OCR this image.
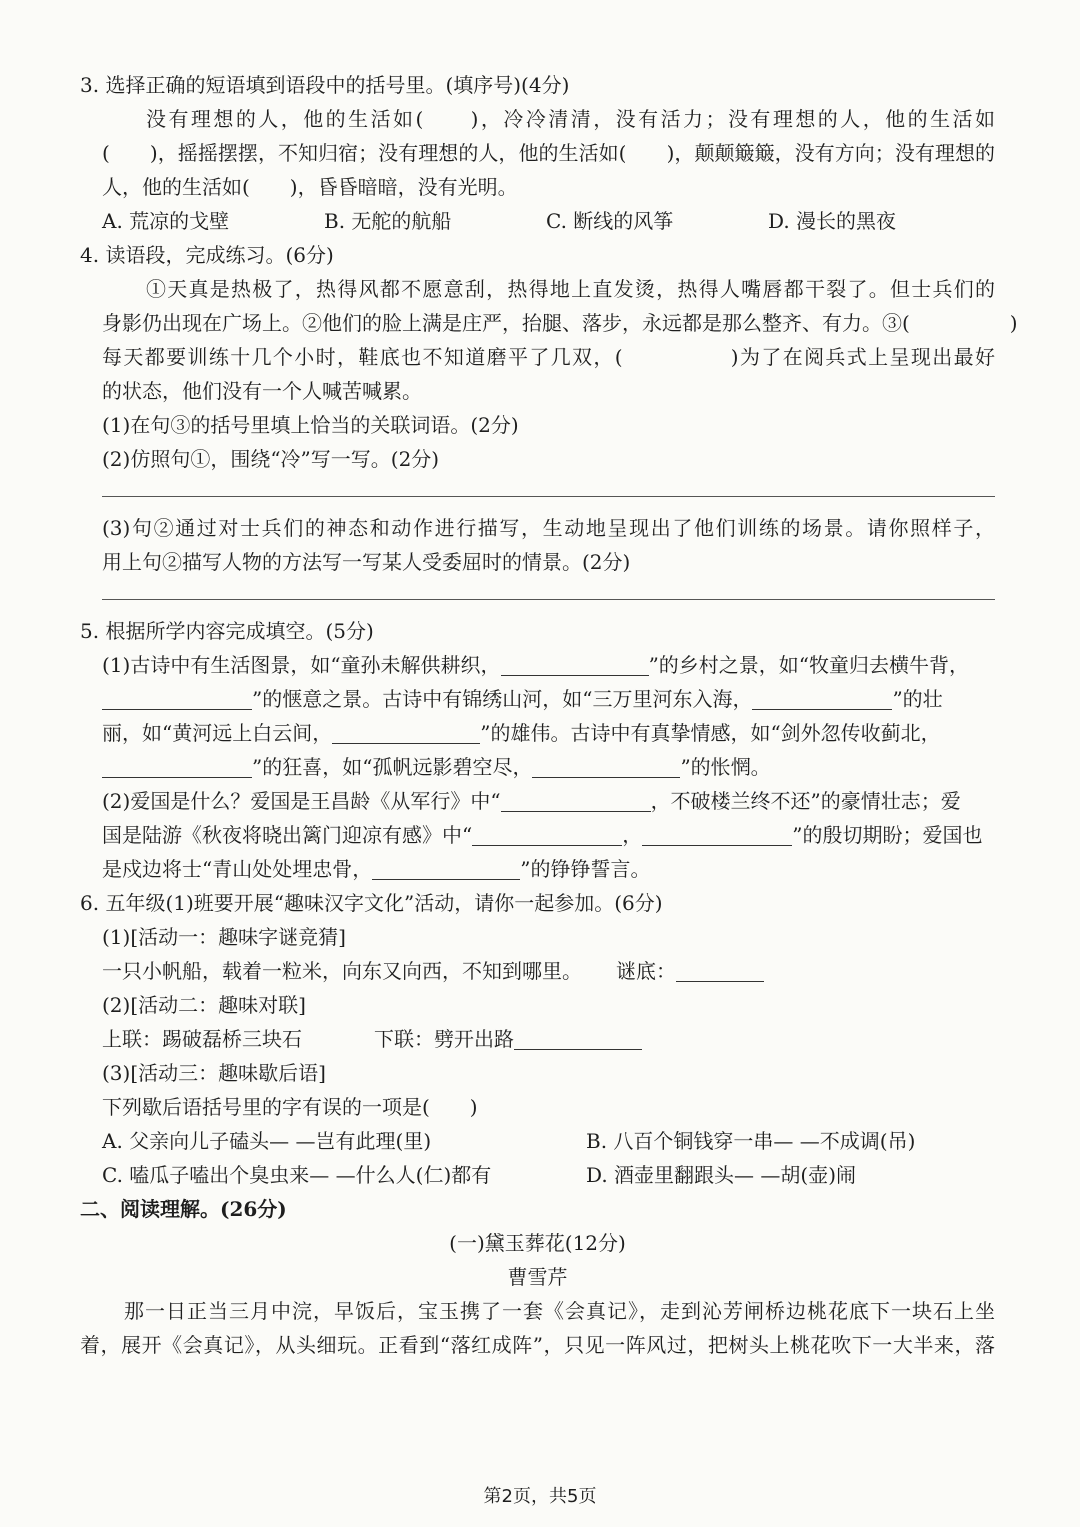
3. 选择正确的短语填到语段中的括号里。(填序号)(4分)
没有理想的人，他的生活如(　　)，冷冷清清，没有活力；没有理想的人，他的生活如
(　　)，摇摇摆摆，不知归宿；没有理想的人，他的生活如(　　)，颠颠簸簸，没有方向；没有理想的
人，他的生活如(　　)，昏昏暗暗，没有光明。
A. 荒凉的戈壁	B. 无舵的航船	C. 断线的风筝	D. 漫长的黑夜
4. 读语段，完成练习。(6分)
①天真是热极了，热得风都不愿意刮，热得地上直发烫，热得人嘴唇都干裂了。但士兵们的
身影仍出现在广场上。②他们的脸上满是庄严，抬腿、落步，永远都是那么整齐、有力。③(　　　　　)
每天都要训练十几个小时，鞋底也不知道磨平了几双，(　　　　　)为了在阅兵式上呈现出最好
的状态，他们没有一个人喊苦喊累。
(1)在句③的括号里填上恰当的关联词语。(2分)
(2)仿照句①，围绕“冷”写一写。(2分)
(3)句②通过对士兵们的神态和动作进行描写，生动地呈现出了他们训练的场景。请你照样子，
用上句②描写人物的方法写一写某人受委屈时的情景。(2分)
5. 根据所学内容完成填空。(5分)
(1)古诗中有生活图景，如“童孙未解供耕织，	”的乡村之景，如“牧童归去横牛背，
”的惬意之景。古诗中有锦绣山河，如“三万里河东入海，	”的壮
丽，如“黄河远上白云间，	”的雄伟。古诗中有真挚情感，如“剑外忽传收蓟北，
”的狂喜，如“孤帆远影碧空尽，	”的怅惘。
(2)爱国是什么？爱国是王昌龄《从军行》中“	，不破楼兰终不还”的豪情壮志；爱
国是陆游《秋夜将晓出篱门迎凉有感》中“	，	”的殷切期盼；爱国也
是戍边将士“青山处处埋忠骨，	”的铮铮誓言。
6. 五年级(1)班要开展“趣味汉字文化”活动，请你一起参加。(6分)
(1)[活动一：趣味字谜竞猜]
一只小帆船，载着一粒米，向东又向西，不知到哪里。 谜底：
(2)[活动二：趣味对联]
上联：踢破磊桥三块石	下联：劈开出路
(3)[活动三：趣味歇后语]
下列歇后语括号里的字有误的一项是(　　)
A. 父亲向儿子磕头— —岂有此理(里)	B. 八百个铜钱穿一串— —不成调(吊)
C. 嗑瓜子嗑出个臭虫来— —什么人(仁)都有	D. 酒壶里翻跟头— —胡(壶)闹
二、阅读理解。(26分)
(一)黛玉葬花(12分)
曹雪芹
那一日正当三月中浣，早饭后，宝玉携了一套《会真记》，走到沁芳闸桥边桃花底下一块石上坐
着，展开《会真记》，从头细玩。正看到“落红成阵”，只见一阵风过，把树头上桃花吹下一大半来，落
第2页，共5页
